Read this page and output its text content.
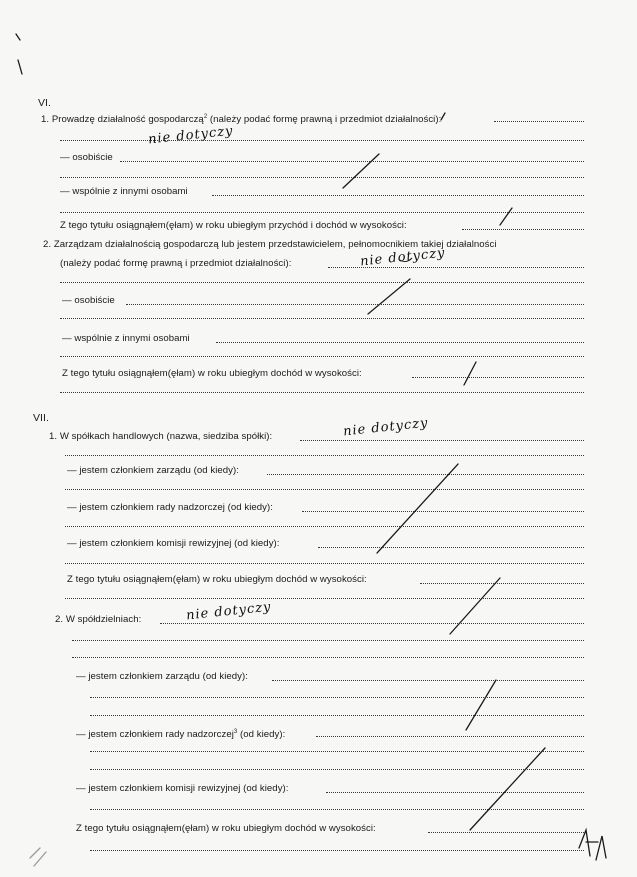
VI.
1. Prowadzę działalność gospodarczą$^2$ (należy podać formę prawną i przedmiot działalności):
nie dotyczy
— osobiście
— wspólnie z innymi osobami
Z tego tytułu osiągnąłem(ęłam) w roku ubiegłym przychód i dochód w wysokości:
2. Zarządzam działalnością gospodarczą lub jestem przedstawicielem, pełnomocnikiem takiej działalności
(należy podać formę prawną i przedmiot działalności):	nie dotyczy
— osobiście
— wspólnie z innymi osobami
Z tego tytułu osiągnąłem(ęłam) w roku ubiegłym dochód w wysokości:
VII.
1. W spółkach handlowych (nazwa, siedziba spółki):	nie dotyczy
— jestem członkiem zarządu (od kiedy):
— jestem członkiem rady nadzorczej (od kiedy):
— jestem członkiem komisji rewizyjnej (od kiedy):
Z tego tytułu osiągnąłem(ęłam) w roku ubiegłym dochód w wysokości:
2. W spółdzielniach:	nie dotyczy
— jestem członkiem zarządu (od kiedy):
— jestem członkiem rady nadzorczej$^3$ (od kiedy):
— jestem członkiem komisji rewizyjnej (od kiedy):
Z tego tytułu osiągnąłem(ęłam) w roku ubiegłym dochód w wysokości:
